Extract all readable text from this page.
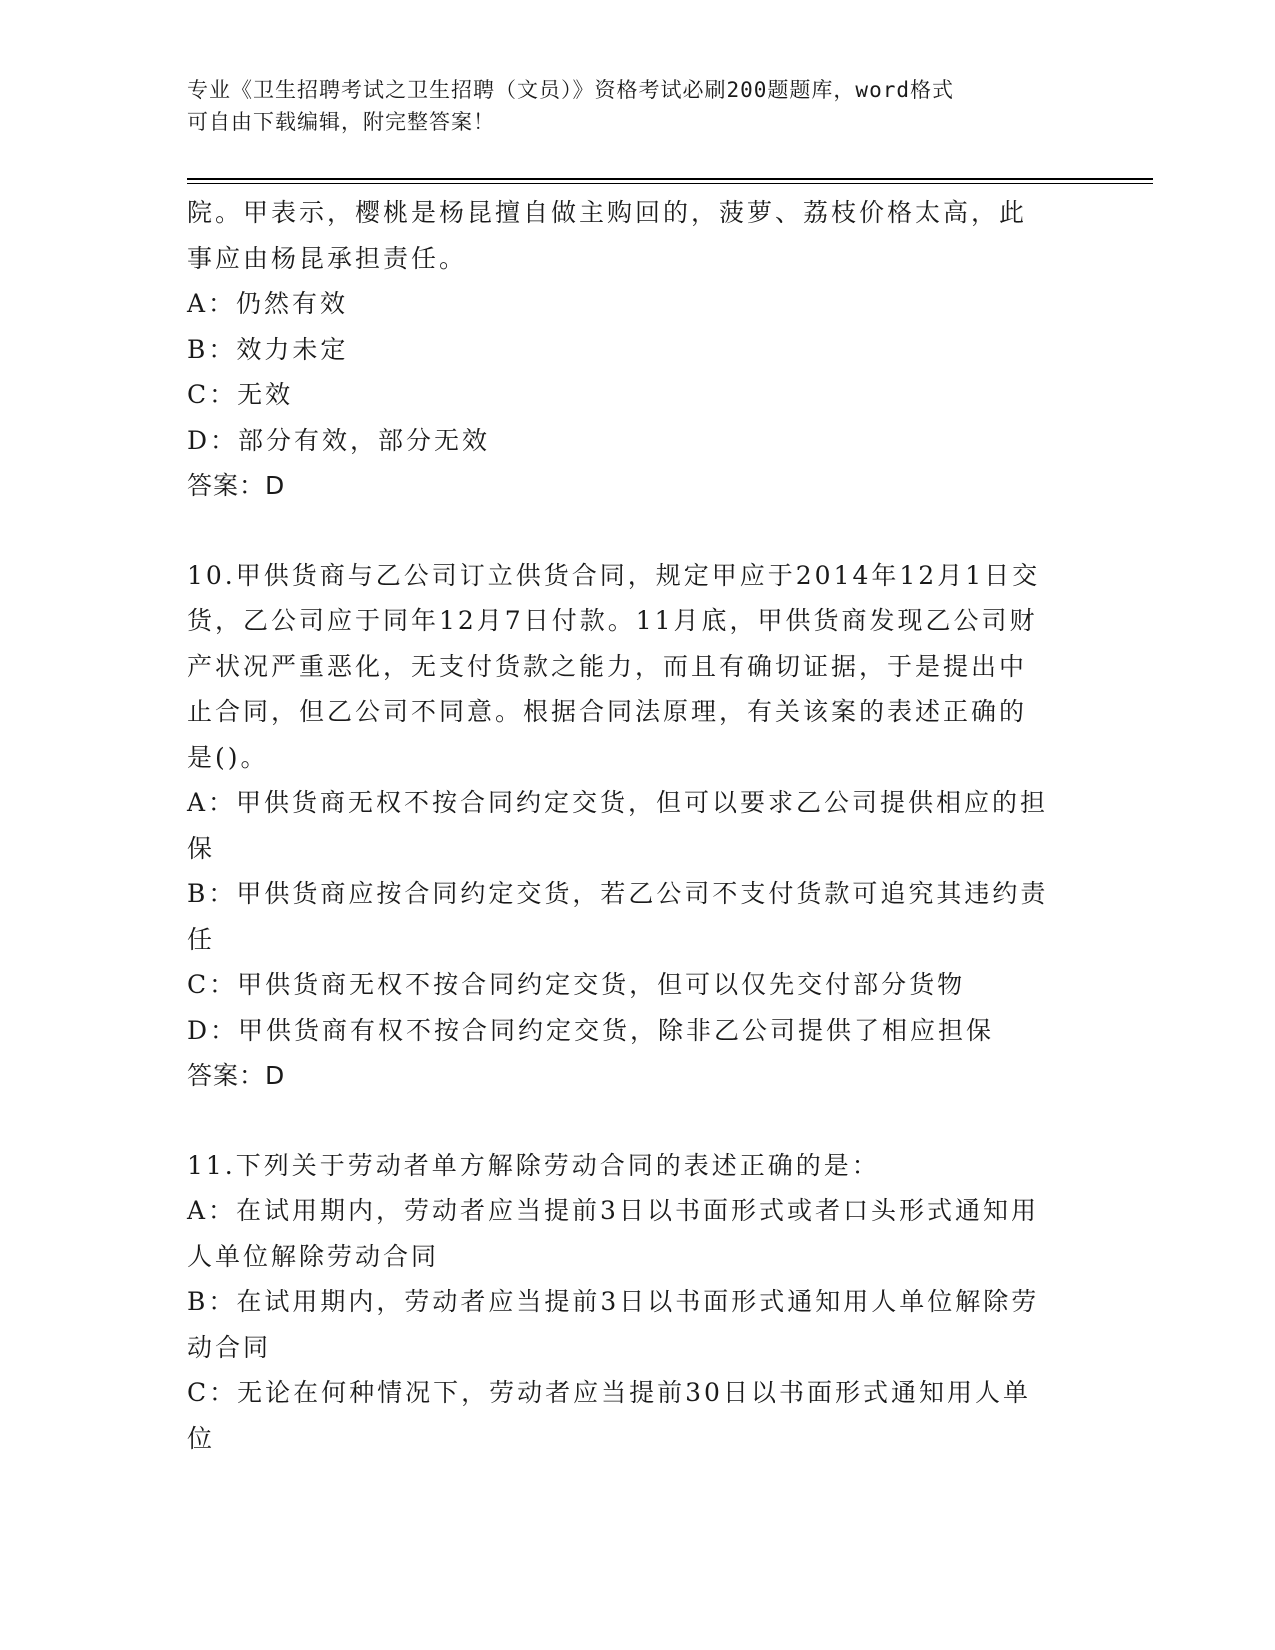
专业《卫生招聘考试之卫生招聘（文员）》资格考试必刷200题题库，word格式
可自由下载编辑，附完整答案！
院。甲表示，樱桃是杨昆擅自做主购回的，菠萝、荔枝价格太高，此
事应由杨昆承担责任。
A：仍然有效
B：效力未定
C：无效
D：部分有效，部分无效
答案：D
10.甲供货商与乙公司订立供货合同，规定甲应于2014年12月1日交
货，乙公司应于同年12月7日付款。11月底，甲供货商发现乙公司财
产状况严重恶化，无支付货款之能力，而且有确切证据，于是提出中
止合同，但乙公司不同意。根据合同法原理，有关该案的表述正确的
是()。
A：甲供货商无权不按合同约定交货，但可以要求乙公司提供相应的担
保
B：甲供货商应按合同约定交货，若乙公司不支付货款可追究其违约责
任
C：甲供货商无权不按合同约定交货，但可以仅先交付部分货物
D：甲供货商有权不按合同约定交货，除非乙公司提供了相应担保
答案：D
11.下列关于劳动者单方解除劳动合同的表述正确的是：
A：在试用期内，劳动者应当提前3日以书面形式或者口头形式通知用
人单位解除劳动合同
B：在试用期内，劳动者应当提前3日以书面形式通知用人单位解除劳
动合同
C：无论在何种情况下，劳动者应当提前30日以书面形式通知用人单
位
